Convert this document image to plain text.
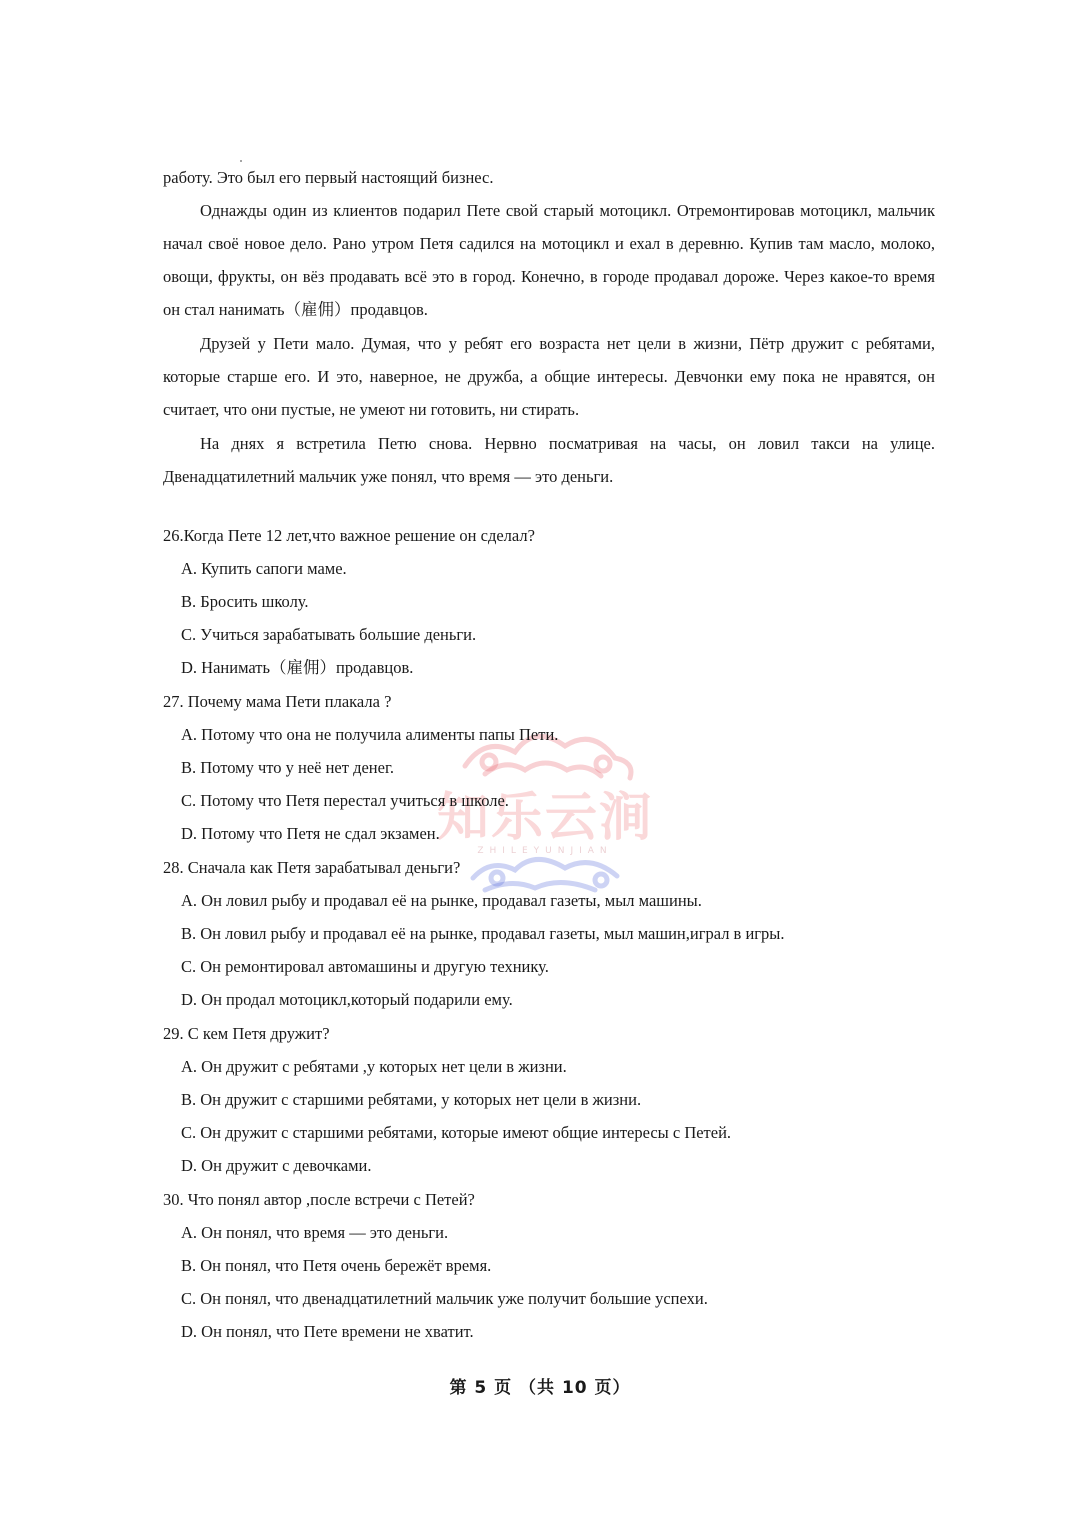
работу. Это был его первый настоящий бизнес.

Однажды один из клиентов подарил Пете свой старый мотоцикл. Отремонтировав мотоцикл, мальчик начал своё новое дело. Рано утром Петя садился на мотоцикл и ехал в деревню. Купив там масло, молоко, овощи, фрукты, он вёз продавать всё это в город. Конечно, в городе продавал дороже. Через какое-то время он стал нанимать（雇佣）продавцов.

Друзей у Пети мало. Думая, что у ребят его возраста нет цели в жизни, Пётр дружит с ребятами, которые старше его. И это, наверное, не дружба, а общие интересы. Девчонки ему пока не нравятся, он считает, что они пустые, не умеют ни готовить, ни стирать.

На днях я встретила Петю снова. Нервно посматривая на часы, он ловил такси на улице. Двенадцатилетний мальчик уже понял, что время — это деньги.

知乐云涧
ZHILEYUNJIAN

26.Когда Пете 12 лет,что важное решение он сделал?

A. Купить сапоги маме.

B. Бросить школу.

C. Учиться зарабатывать большие деньги.

D. Нанимать（雇佣）продавцов.

27. Почему мама Пети плакала ?

A. Потому что она не получила алименты папы Пети.

B. Потому что у неё нет денег.

C. Потому что Петя перестал учиться в школе.

D. Потому что Петя не сдал экзамен.

28. Сначала как Петя зарабатывал деньги?

A. Он ловил рыбу и продавал её на рынке, продавал газеты, мыл машины.

B. Он ловил рыбу и продавал её на рынке, продавал газеты, мыл машин,играл в игры.

C. Он ремонтировал автомашины и другую технику.

D. Он продал мотоцикл,который подарили ему.

29. С кем Петя дружит?

A. Он дружит с ребятами ,у которых нет цели в жизни.

B. Он дружит с старшими ребятами, у которых нет цели в жизни.

C. Он дружит с старшими ребятами, которые имеют общие интересы с Петей.

D. Он дружит с девочками.

30. Что понял автор ,после встречи с Петей?

A. Он понял, что время — это деньги.

B. Он понял, что Петя очень бережёт время.

C. Он понял, что двенадцатилетний мальчик уже получит большие успехи.

D. Он понял, что Пете времени не хватит.

第 5 页 （共 10 页）
